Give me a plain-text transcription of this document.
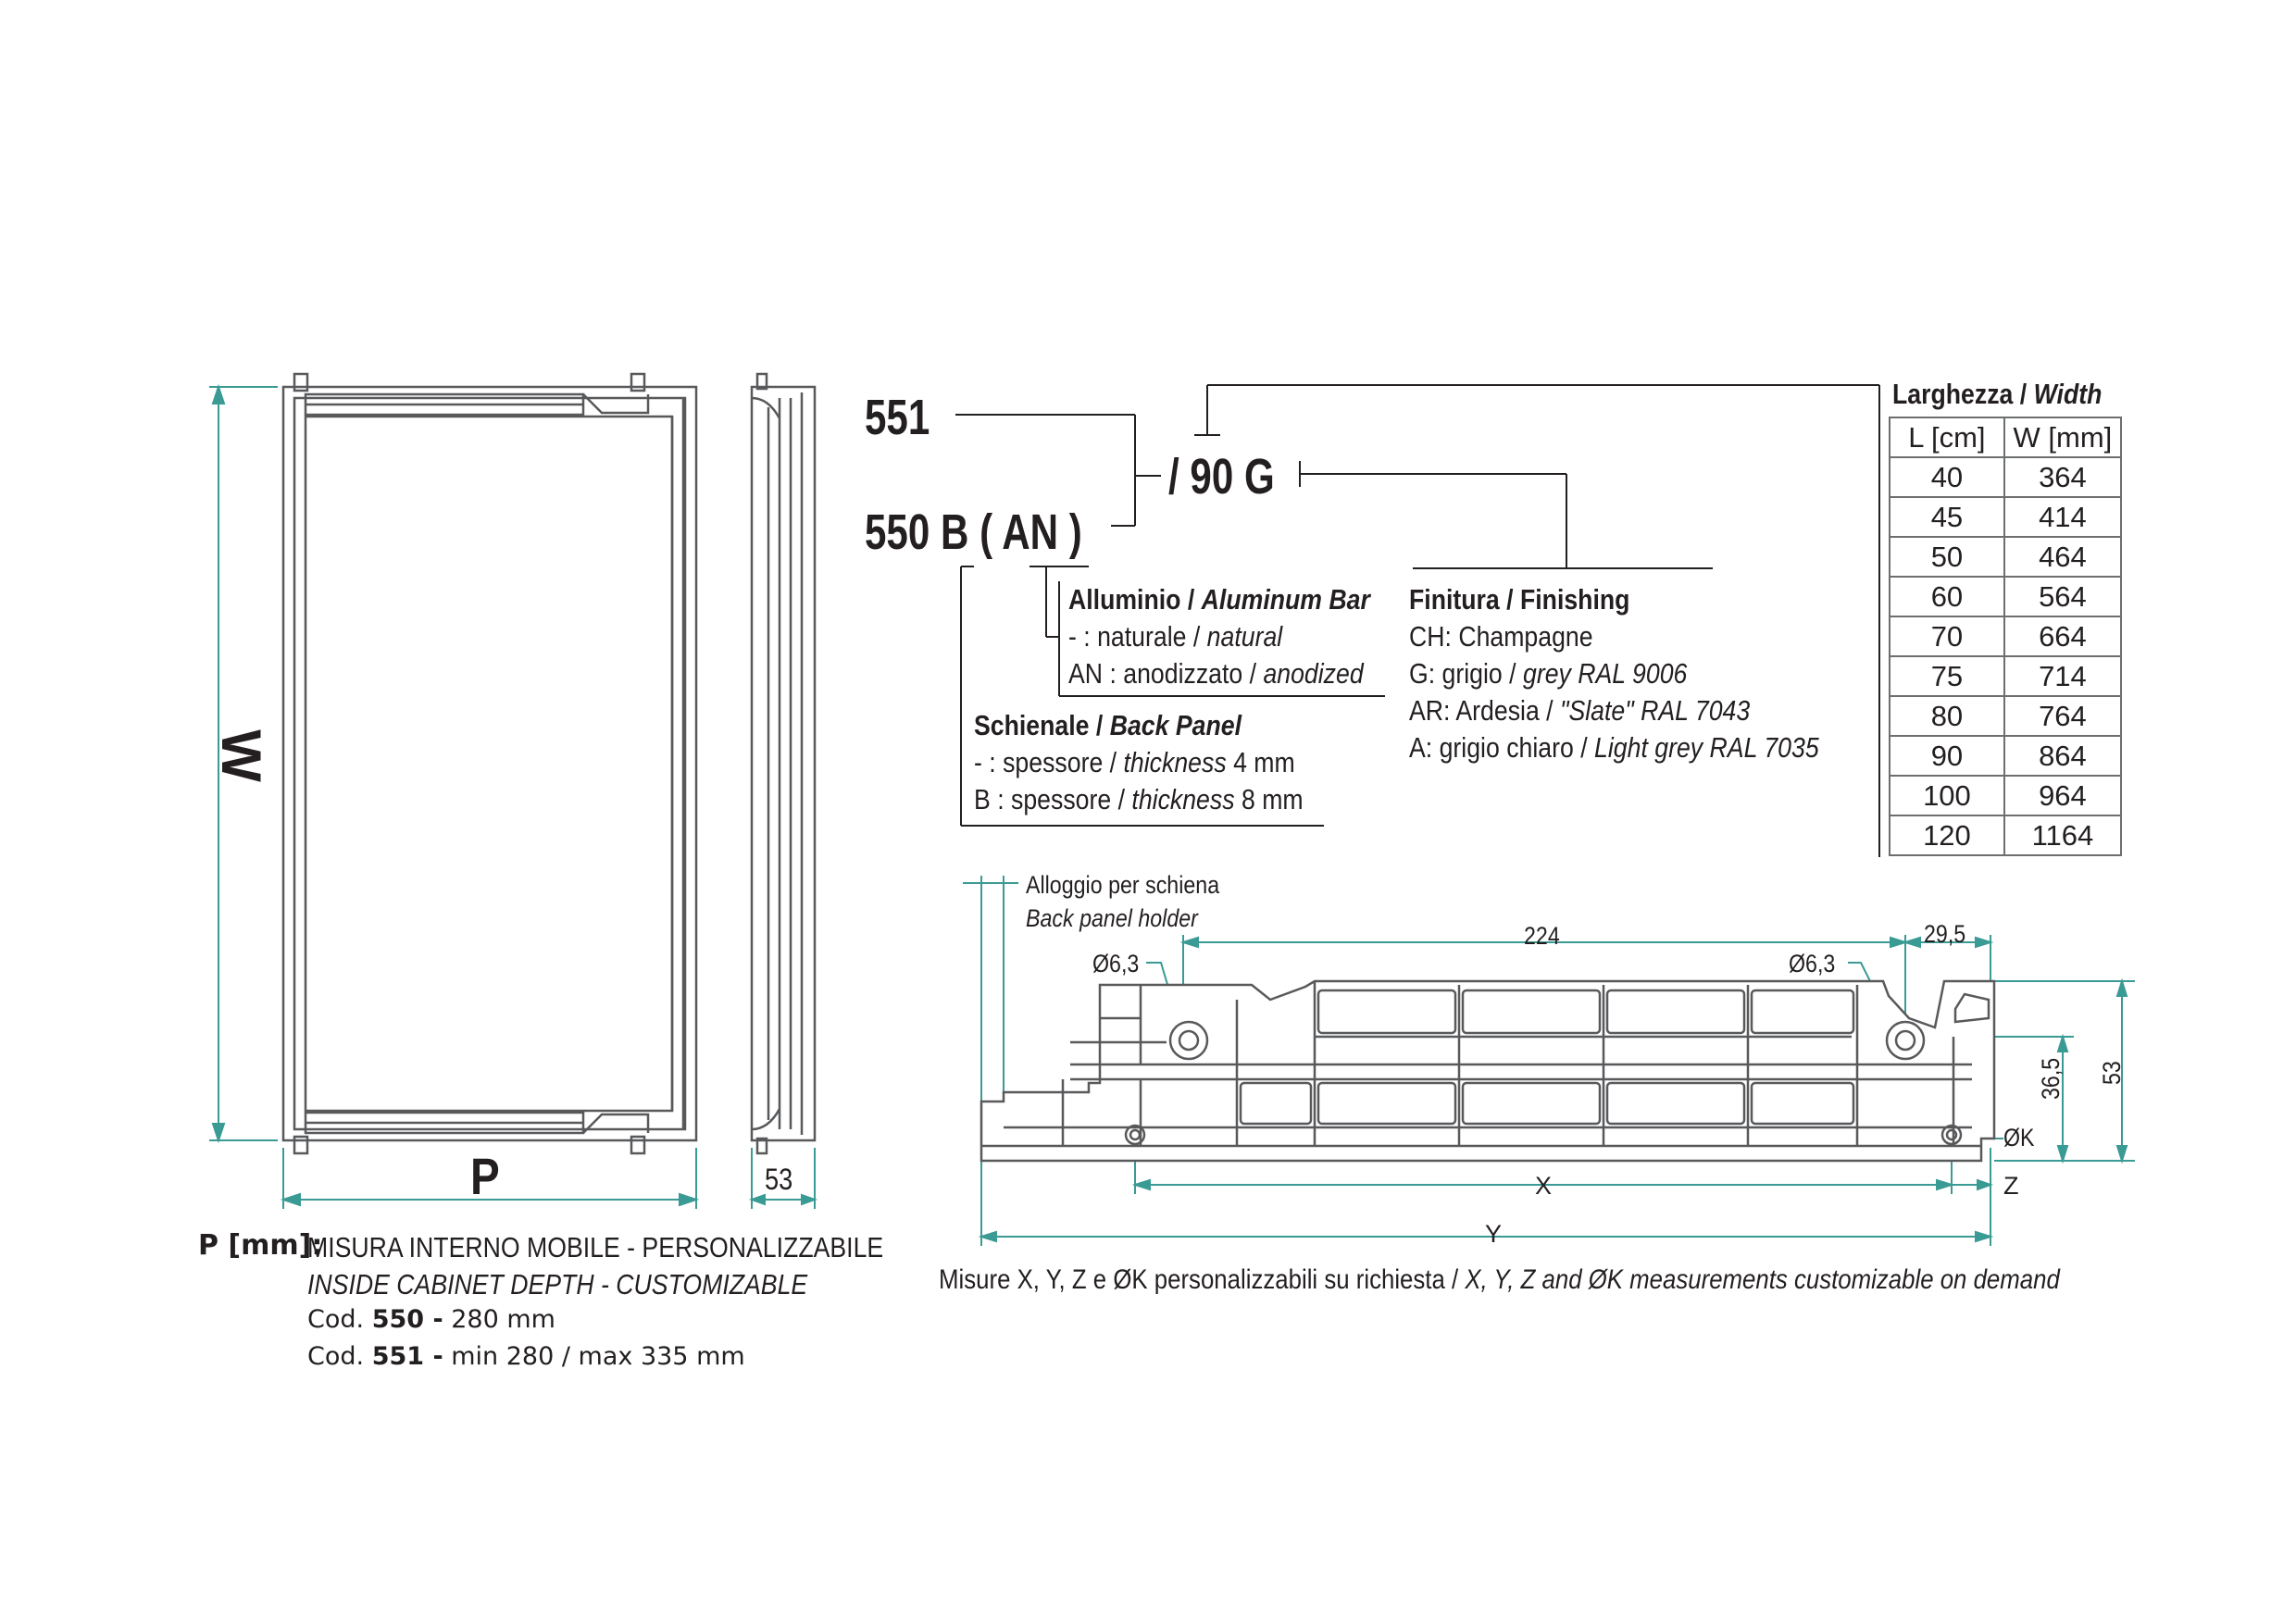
W
P	53
551
/ 90 G
550 B ( AN )
Alluminio / Aluminum Bar
- : naturale / natural
AN : anodizzato / anodized
Schienale / Back Panel
- : spessore / thickness 4 mm
B : spessore / thickness 8 mm
Finitura / Finishing
CH: Champagne
G: grigio / grey RAL 9006
AR: Ardesia / "Slate" RAL 7043
A: grigio chiaro / Light grey RAL 7035
Larghezza / Width
L [cm]	W [mm]
40	364
45	414
50	464
60	564
70	664
75	714
80	764
90	864
100	964
120	1164
Alloggio per schiena
Back panel holder
224	29,5
Ø6,3	Ø6,3
36,5 53
ØK
X	Z
Y
P [mm]:
MISURA INTERNO MOBILE - PERSONALIZZABILE
INSIDE CABINET DEPTH - CUSTOMIZABLE
Cod. 550 - 280 mm
Cod. 551 - min 280 / max 335 mm
Misure X, Y, Z e ØK personalizzabili su richiesta / X, Y, Z and ØK measurements customizable on demand
